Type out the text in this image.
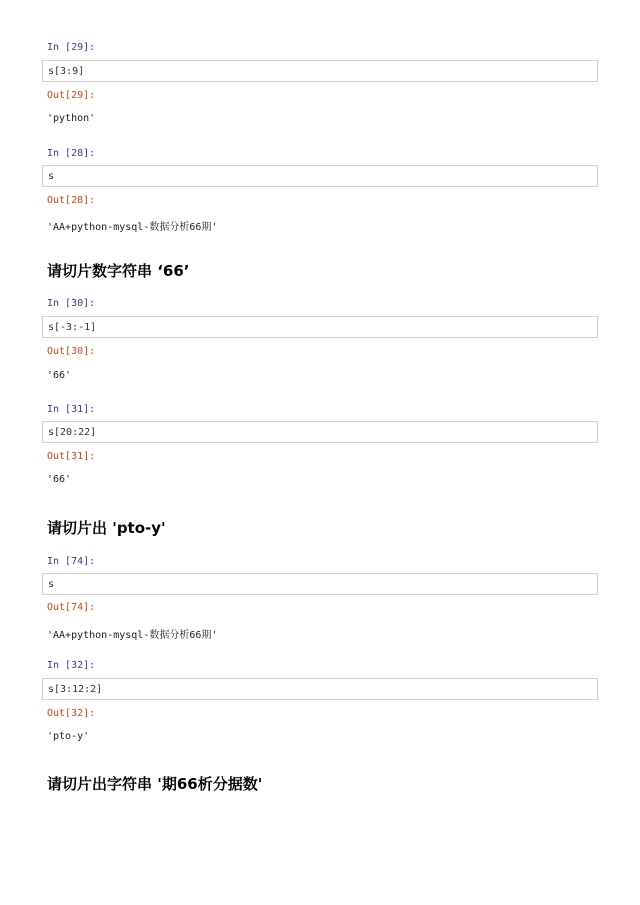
In [29]:
s[3:9]
Out[29]:
'python'
In [28]:
s
Out[28]:
'AA+python-mysql-数据分析66期'
请切片数字符串 ‘66’
In [30]:
s[-3:-1]
Out[30]:
'66'
In [31]:
s[20:22]
Out[31]:
'66'
请切片出 'pto-y'
In [74]:
s
Out[74]:
'AA+python-mysql-数据分析66期'
In [32]:
s[3:12:2]
Out[32]:
'pto-y'
请切片出字符串 '期66析分据数'
